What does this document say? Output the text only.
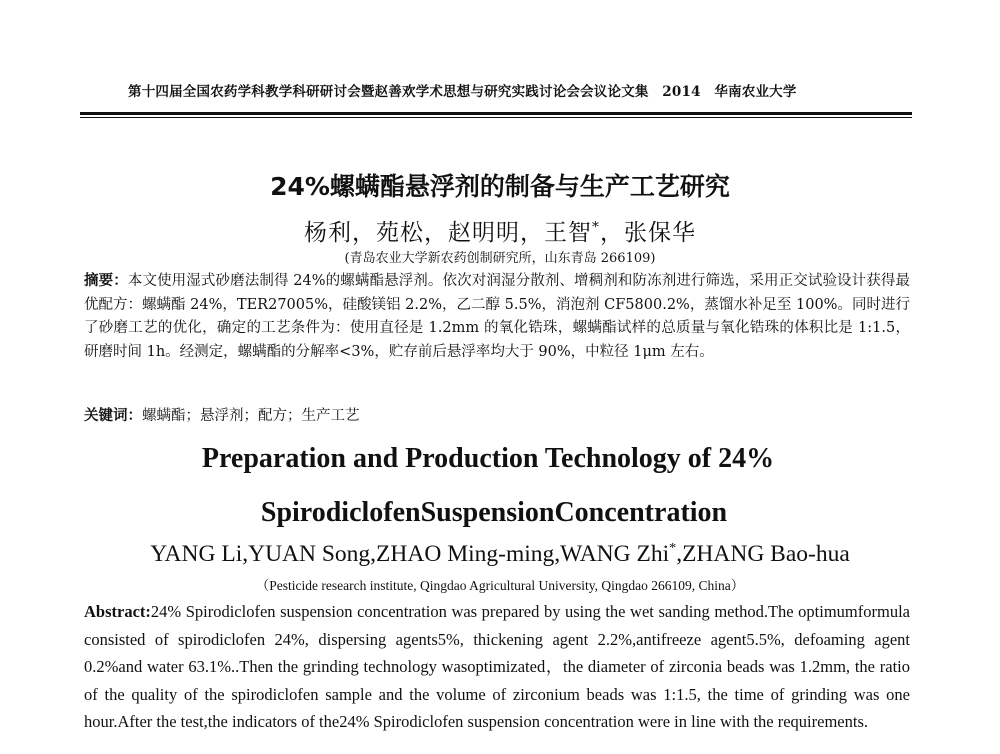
第十四届全国农药学科教学科研研讨会暨赵善欢学术思想与研究实践讨论会会议论文集　2014　华南农业大学
24%螺螨酯悬浮剂的制备与生产工艺研究
杨利，苑松，赵明明，王智*，张保华
(青岛农业大学新农药创制研究所，山东青岛 266109)
摘要：本文使用湿式砂磨法制得 24%的螺螨酯悬浮剂。依次对润湿分散剂、增稠剂和防冻剂进行筛选，采用正交试验设计获得最优配方：螺螨酯 24%，TER27005%，硅酸镁铝 2.2%，乙二醇 5.5%，消泡剂 CF5800.2%，蒸馏水补足至 100%。同时进行了砂磨工艺的优化，确定的工艺条件为：使用直径是 1.2mm 的氧化锆珠，螺螨酯试样的总质量与氧化锆珠的体积比是 1:1.5，研磨时间 1h。经测定，螺螨酯的分解率<3%，贮存前后悬浮率均大于 90%，中粒径 1μm 左右。
关键词：螺螨酯；悬浮剂；配方；生产工艺
Preparation and Production Technology of 24%
SpirodiclofenSuspensionConcentration
YANG Li,YUAN Song,ZHAO Ming-ming,WANG Zhi*,ZHANG Bao-hua
（Pesticide research institute, Qingdao Agricultural University, Qingdao 266109, China）
Abstract:24% Spirodiclofen suspension concentration was prepared by using the wet sanding method.The optimumformula consisted of spirodiclofen 24%, dispersing agents5%, thickening agent 2.2%,antifreeze agent5.5%, defoaming agent 0.2%and water 63.1%..Then the grinding technology wasoptimizated，the diameter of zirconia beads was 1.2mm, the ratio of the quality of the spirodiclofen sample and the volume of zirconium beads was 1:1.5, the time of grinding was one hour.After the test,the indicators of the24% Spirodiclofen suspension concentration were in line with the requirements.
